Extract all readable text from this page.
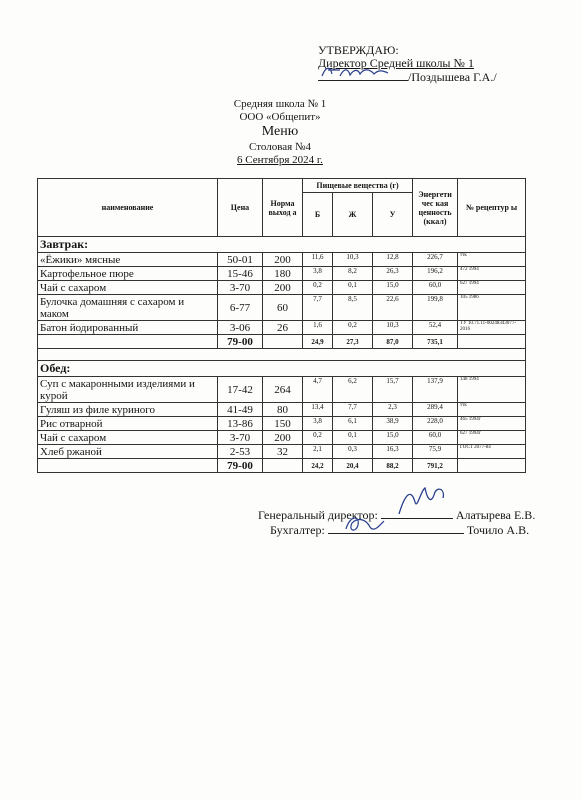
УТВЕРЖДАЮ:
Директор Средней школы № 1
/Поздышева Г.А./
Средняя школа № 1
ООО «Общепит»
Меню
Столовая №4
6 Сентября 2024 г.
наименование	Цена	Норма выход а	Пищевые вещества (г)			Энергети чес кая ценность (ккал)	№ рецептур ы
			Б	Ж	У		
Завтрак:							
«Ёжики» мясные	50-01	200	11,6	10,3	12,8	226,7	ттк
Картофельное пюре	15-46	180	3,8	8,2	26,3	196,2	472 1994
Чай с сахаром	3-70	200	0,2	0,1	15,0	60,0	627 1994
Булочка домашняя с сахаром и маком	6-77	60	7,7	8,5	22,6	199,8	105 1986
Батон йодированный	3-06	26	1,6	0,2	10,3	52,4	ТУ 10.71.11-00248343077-2016
	79-00		24,9	27,3	87,0	735,1	

Обед:							
Суп с макаронными изделиями и курой	17-42	264	4,7	6,2	15,7	137,9	148 1994
Гуляш из филе куриного	41-49	80	13,4	7,7	2,3	289,4	ттк
Рис отварной	13-86	150	3,8	6,1	38,9	228,0	465 1994г
Чай с сахаром	3-70	200	0,2	0,1	15,0	60,0	627 1994г
Хлеб ржаной	2-53	32	2,1	0,3	16,3	75,9	ГОСТ 2077-84
	79-00		24,2	20,4	88,2	791,2	
Генеральный директор:	Алатырева Е.В.
Бухгалтер:	Точило А.В.
